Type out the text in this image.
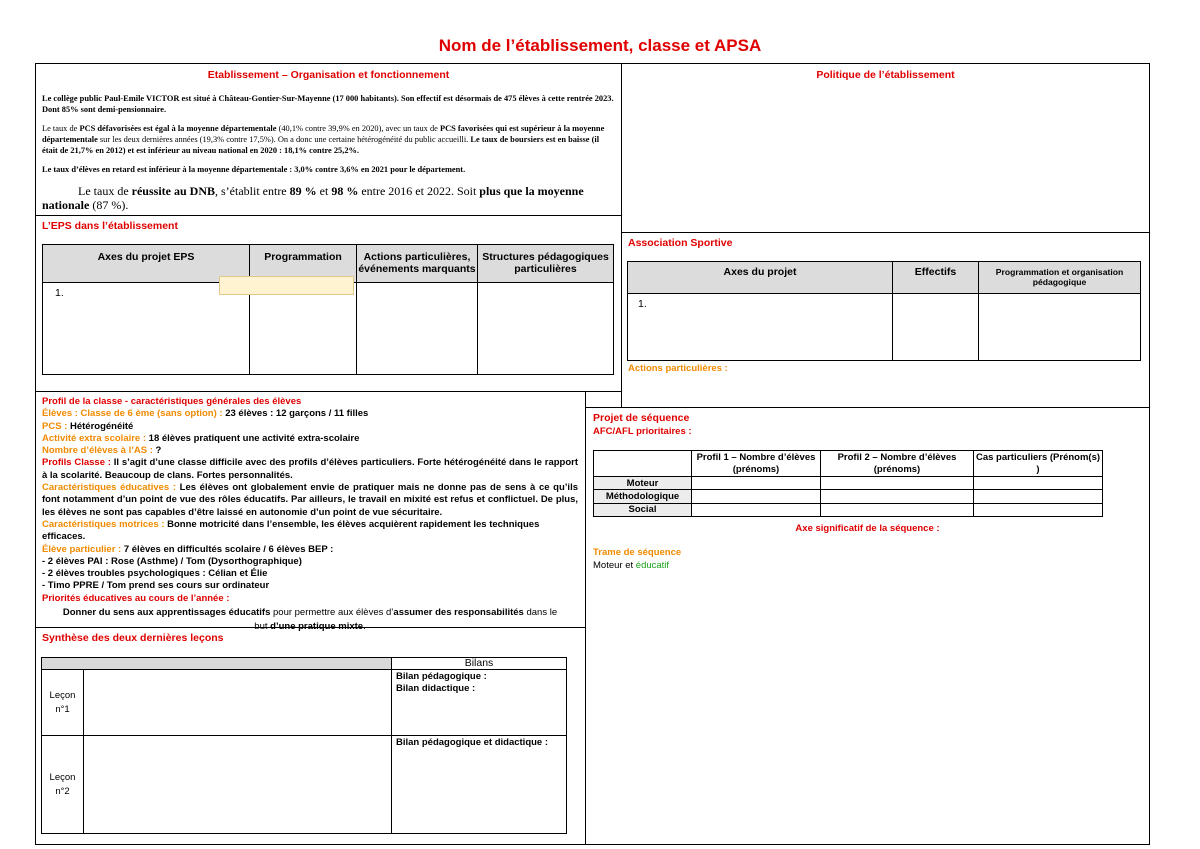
Nom de l’établissement, classe et APSA
Etablissement – Organisation et fonctionnement
Le collège public Paul-Emile VICTOR est situé à Château-Gontier-Sur-Mayenne (17 000 habitants). Son effectif est désormais de 475 élèves à cette rentrée 2023. Dont 85% sont demi-pensionnaire.
Le taux de PCS défavorisées est égal à la moyenne départementale (40,1% contre 39,9% en 2020), avec un taux de PCS favorisées qui est supérieur à la moyenne départementale sur les deux dernières années (19,3% contre 17,5%). On a donc une certaine hétérogénéité du public accueilli. Le taux de boursiers est en baisse (il était de 21,7% en 2012) et est inférieur au niveau national en 2020 : 18,1% contre 25,2%.
Le taux d’élèves en retard est inférieur à la moyenne départementale : 3,0% contre 3,6% en 2021 pour le département.
Le taux de réussite au DNB, s’établit entre 89 % et 98 % entre 2016 et 2022. Soit plus que la moyenne nationale (87 %).
Politique de l’établissement
L’EPS dans l’établissement
Axes du projet EPS	Programmation	Actions particulières, événements marquants	Structures pédagogiques particulières
1.			
Association Sportive
Axes du projet	Effectifs	Programmation et organisation pédagogique
1.		
Actions particulières :
Profil de la classe - caractéristiques générales des élèves
Élèves : Classe de 6 ème (sans option) : 23 élèves : 12 garçons / 11 filles
PCS : Hétérogénéité
Activité extra scolaire : 18 élèves pratiquent une activité extra-scolaire
Nombre d’élèves à l’AS : ?
Profils Classe : Il s’agit d’une classe difficile avec des profils d’élèves particuliers. Forte hétérogénéité dans le rapport à la scolarité. Beaucoup de clans. Fortes personnalités.
Caractéristiques éducatives : Les élèves ont globalement envie de pratiquer mais ne donne pas de sens à ce qu’ils font notamment d’un point de vue des rôles éducatifs. Par ailleurs, le travail en mixité est refus et conflictuel. De plus, les élèves ne sont pas capables d’être laissé en autonomie d’un point de vue sécuritaire.
Caractéristiques motrices : Bonne motricité dans l’ensemble, les élèves acquièrent rapidement les techniques efficaces.
Élève particulier : 7 élèves en difficultés scolaire / 6 élèves BEP :
- 2 élèves PAI : Rose (Asthme) / Tom (Dysorthographique)
- 2 élèves troubles psychologiques : Célian et Élie
- Timo PPRE / Tom prend ses cours sur ordinateur
Priorités éducatives au cours de l’année :
Donner du sens aux apprentissages éducatifs pour permettre aux élèves d’assumer des responsabilités dans le but d’une pratique mixte.
Projet de séquence
AFC/AFL prioritaires :
	Profil 1 – Nombre d’élèves (prénoms)	Profil 2 – Nombre d’élèves (prénoms)	Cas particuliers (Prénom(s) )
Moteur			
Méthodologique			
Social			
Axe significatif de la séquence :
Trame de séquence
Moteur et éducatif
Synthèse des deux dernières leçons
		Bilans
Leçon n°1		Bilan pédagogique :
Bilan didactique :

Leçon n°2		Bilan pédagogique et didactique :
